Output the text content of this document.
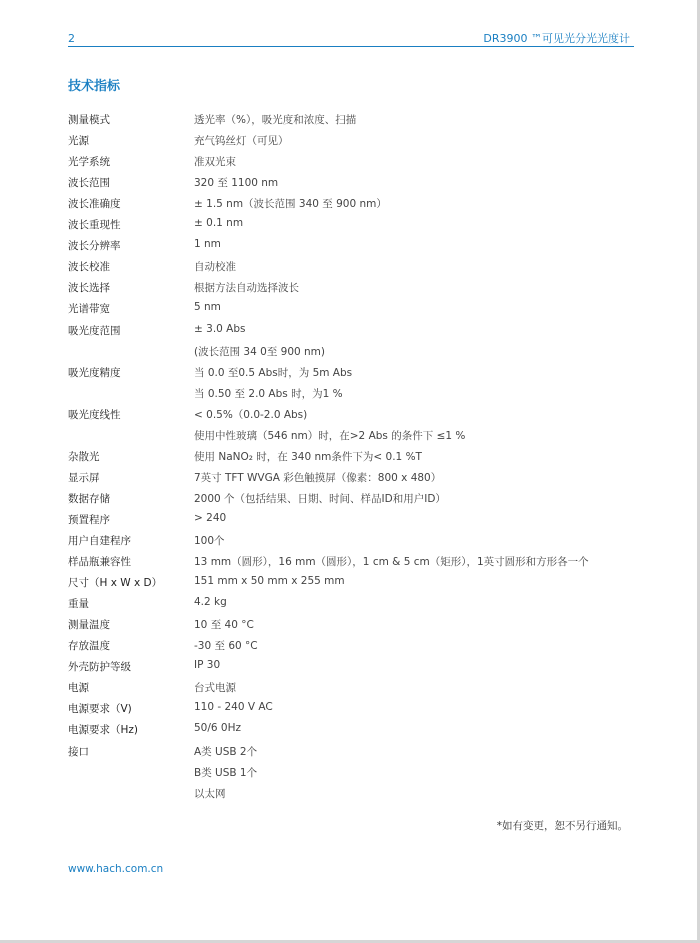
2	DR3900 ™可见光分光光度计
技术指标
测量模式	透光率（%），吸光度和浓度、扫描
光源	充气钨丝灯（可见）
光学系统	准双光束
波长范围	320 至 1100 nm
波长准确度	± 1.5 nm（波长范围 340 至 900 nm）
波长重现性	± 0.1 nm
波长分辨率	1 nm
波长校准	自动校准
波长选择	根据方法自动选择波长
光谱带宽	5 nm
吸光度范围	± 3.0 Abs
(波长范围 34 0至 900 nm)
吸光度精度	当 0.0 至0.5 Abs时，为 5m Abs
当 0.50 至 2.0 Abs 时，为1 %
吸光度线性	< 0.5%（0.0-2.0 Abs)
使用中性玻璃（546 nm）时，在>2 Abs 的条件下 ≤1 %
杂散光	使用 NaNO₂ 时，在 340 nm条件下为< 0.1 %T
显示屏	7英寸 TFT WVGA 彩色触摸屏（像素：800 x 480）
数据存储	2000 个（包括结果、日期、时间、样品ID和用户ID）
预置程序	> 240
用户自建程序	100个
样品瓶兼容性	13 mm（圆形），16 mm（圆形），1 cm & 5 cm（矩形），1英寸圆形和方形各一个
尺寸（H x W x D）	151 mm x 50 mm x 255 mm
重量	4.2 kg
测量温度	10 至 40 °C
存放温度	-30 至 60 °C
外壳防护等级	IP 30
电源	台式电源
电源要求（V)	110 - 240 V AC
电源要求（Hz)	50/6 0Hz
接口	A类 USB 2个
B类 USB 1个
以太网
*如有变更，恕不另行通知。
www.hach.com.cn
